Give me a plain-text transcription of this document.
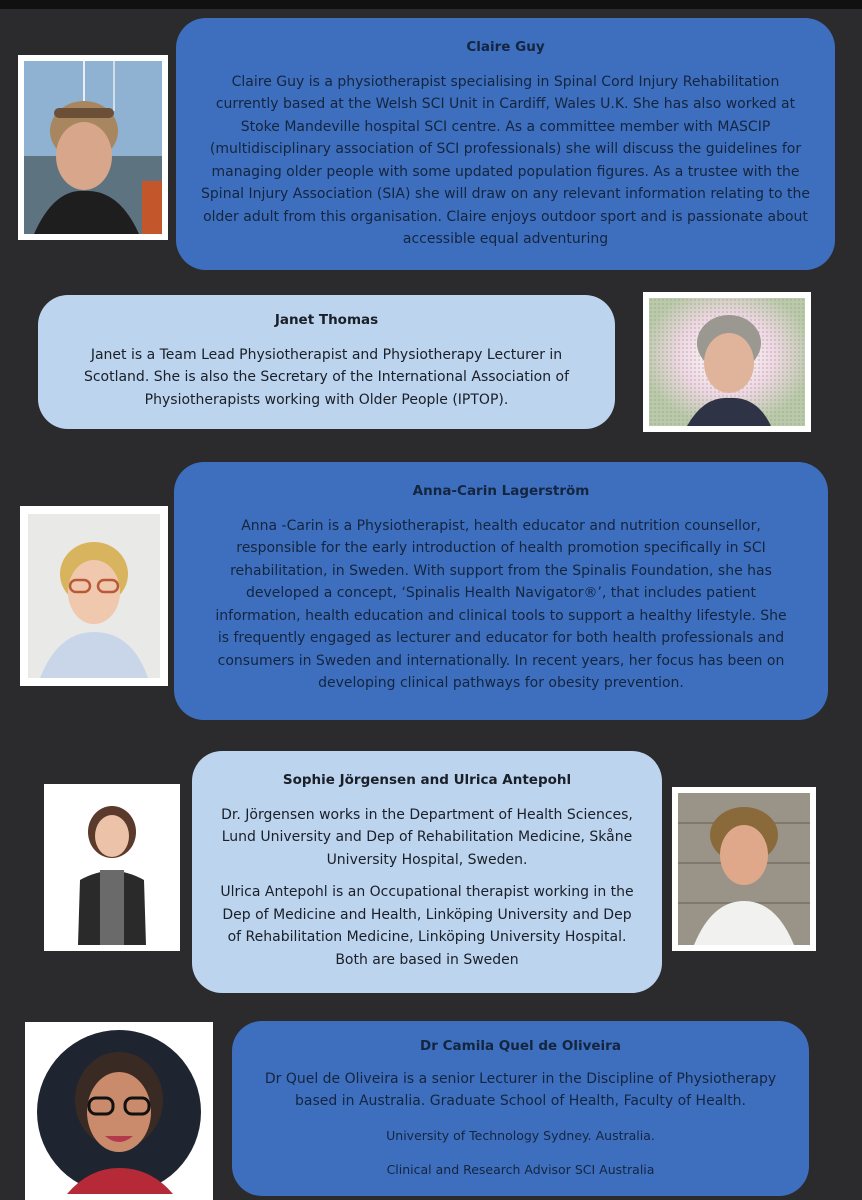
Claire Guy

Claire Guy is a physiotherapist specialising in Spinal Cord Injury Rehabilitation currently based at the Welsh SCI Unit in Cardiff, Wales U.K. She has also worked at Stoke Mandeville hospital SCI centre. As a committee member with MASCIP (multidisciplinary association of SCI professionals) she will discuss the guidelines for managing older people with some updated population figures. As a trustee with the Spinal Injury Association (SIA) she will draw on any relevant information relating to the older adult from this organisation. Claire enjoys outdoor sport and is passionate about accessible equal adventuring

Janet Thomas

Janet is a Team Lead Physiotherapist and Physiotherapy Lecturer in Scotland. She is also the Secretary of the International Association of Physiotherapists working with Older People (IPTOP).

Anna-Carin Lagerström

Anna -Carin is a Physiotherapist, health educator and nutrition counsellor, responsible for the early introduction of health promotion specifically in SCI rehabilitation, in Sweden. With support from the Spinalis Foundation, she has developed a concept, ‘Spinalis Health Navigator®’, that includes patient information, health education and clinical tools to support a healthy lifestyle. She is frequently engaged as lecturer and educator for both health professionals and consumers in Sweden and internationally. In recent years, her focus has been on developing clinical pathways for obesity prevention.

Sophie Jörgensen and Ulrica Antepohl

Dr. Jörgensen works in the Department of Health Sciences, Lund University and Dep of Rehabilitation Medicine, Skåne University Hospital, Sweden.

Ulrica Antepohl is an Occupational therapist working in the Dep of Medicine and Health, Linköping University and Dep of Rehabilitation Medicine, Linköping University Hospital. Both are based in Sweden

Dr Camila Quel de Oliveira

Dr Quel de Oliveira is a senior Lecturer in the Discipline of Physiotherapy based in Australia. Graduate School of Health, Faculty of Health.

University of Technology Sydney. Australia.

Clinical and Research Advisor SCI Australia
